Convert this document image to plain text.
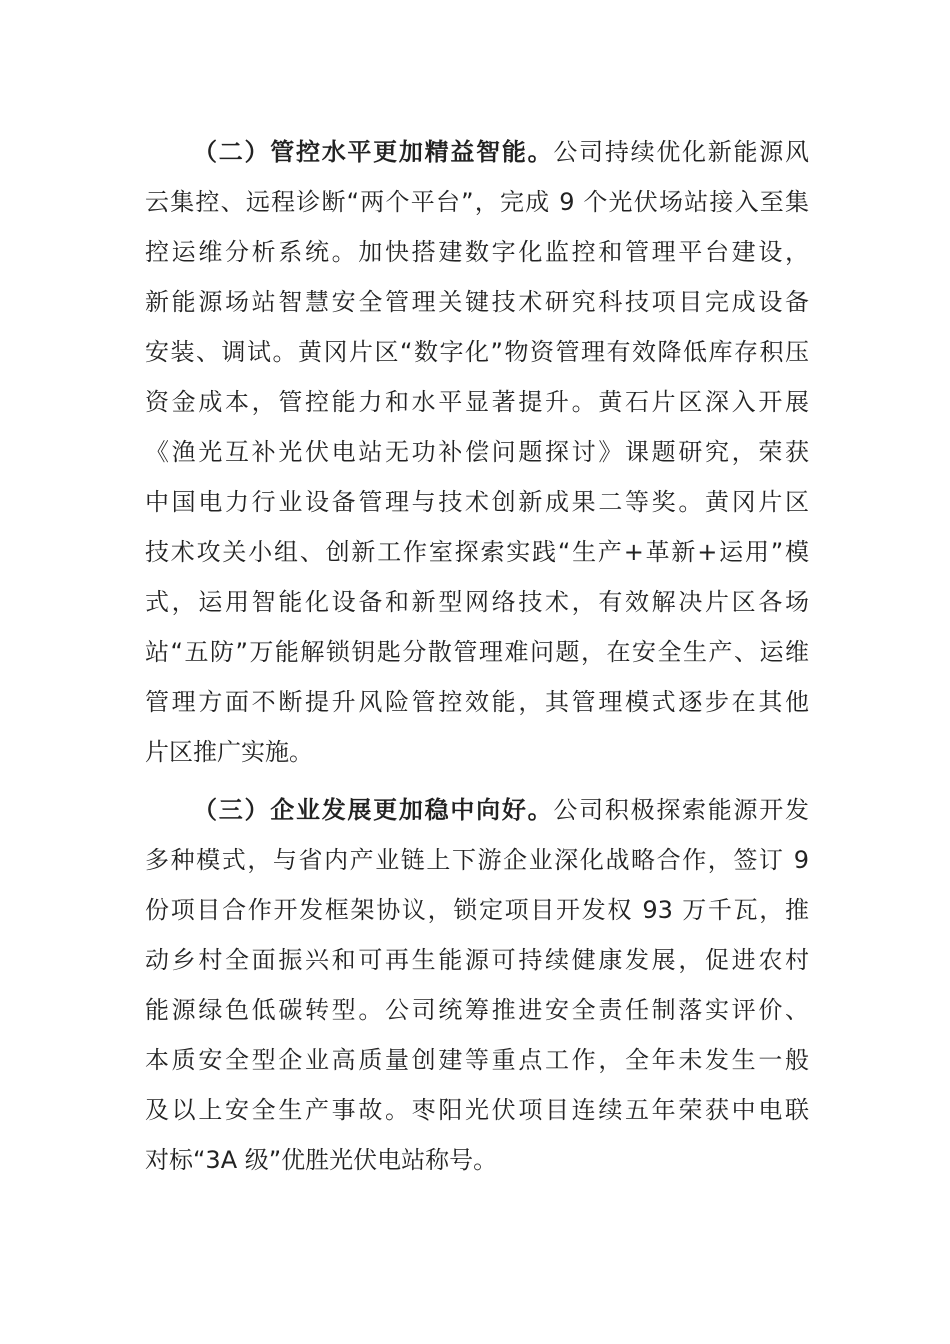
（二）管控水平更加精益智能。公司持续优化新能源风
云集控、远程诊断“两个平台”，完成 9 个光伏场站接入至集
控运维分析系统。加快搭建数字化监控和管理平台建设，
新能源场站智慧安全管理关键技术研究科技项目完成设备
安装、调试。黄冈片区“数字化”物资管理有效降低库存积压
资金成本，管控能力和水平显著提升。黄石片区深入开展
《渔光互补光伏电站无功补偿问题探讨》课题研究，荣获
中国电力行业设备管理与技术创新成果二等奖。黄冈片区
技术攻关小组、创新工作室探索实践“生产+革新+运用”模
式，运用智能化设备和新型网络技术，有效解决片区各场
站“五防”万能解锁钥匙分散管理难问题，在安全生产、运维
管理方面不断提升风险管控效能，其管理模式逐步在其他
片区推广实施。
（三）企业发展更加稳中向好。公司积极探索能源开发
多种模式，与省内产业链上下游企业深化战略合作，签订 9
份项目合作开发框架协议，锁定项目开发权 93 万千瓦，推
动乡村全面振兴和可再生能源可持续健康发展，促进农村
能源绿色低碳转型。公司统筹推进安全责任制落实评价、
本质安全型企业高质量创建等重点工作，全年未发生一般
及以上安全生产事故。枣阳光伏项目连续五年荣获中电联
对标“3A 级”优胜光伏电站称号。
